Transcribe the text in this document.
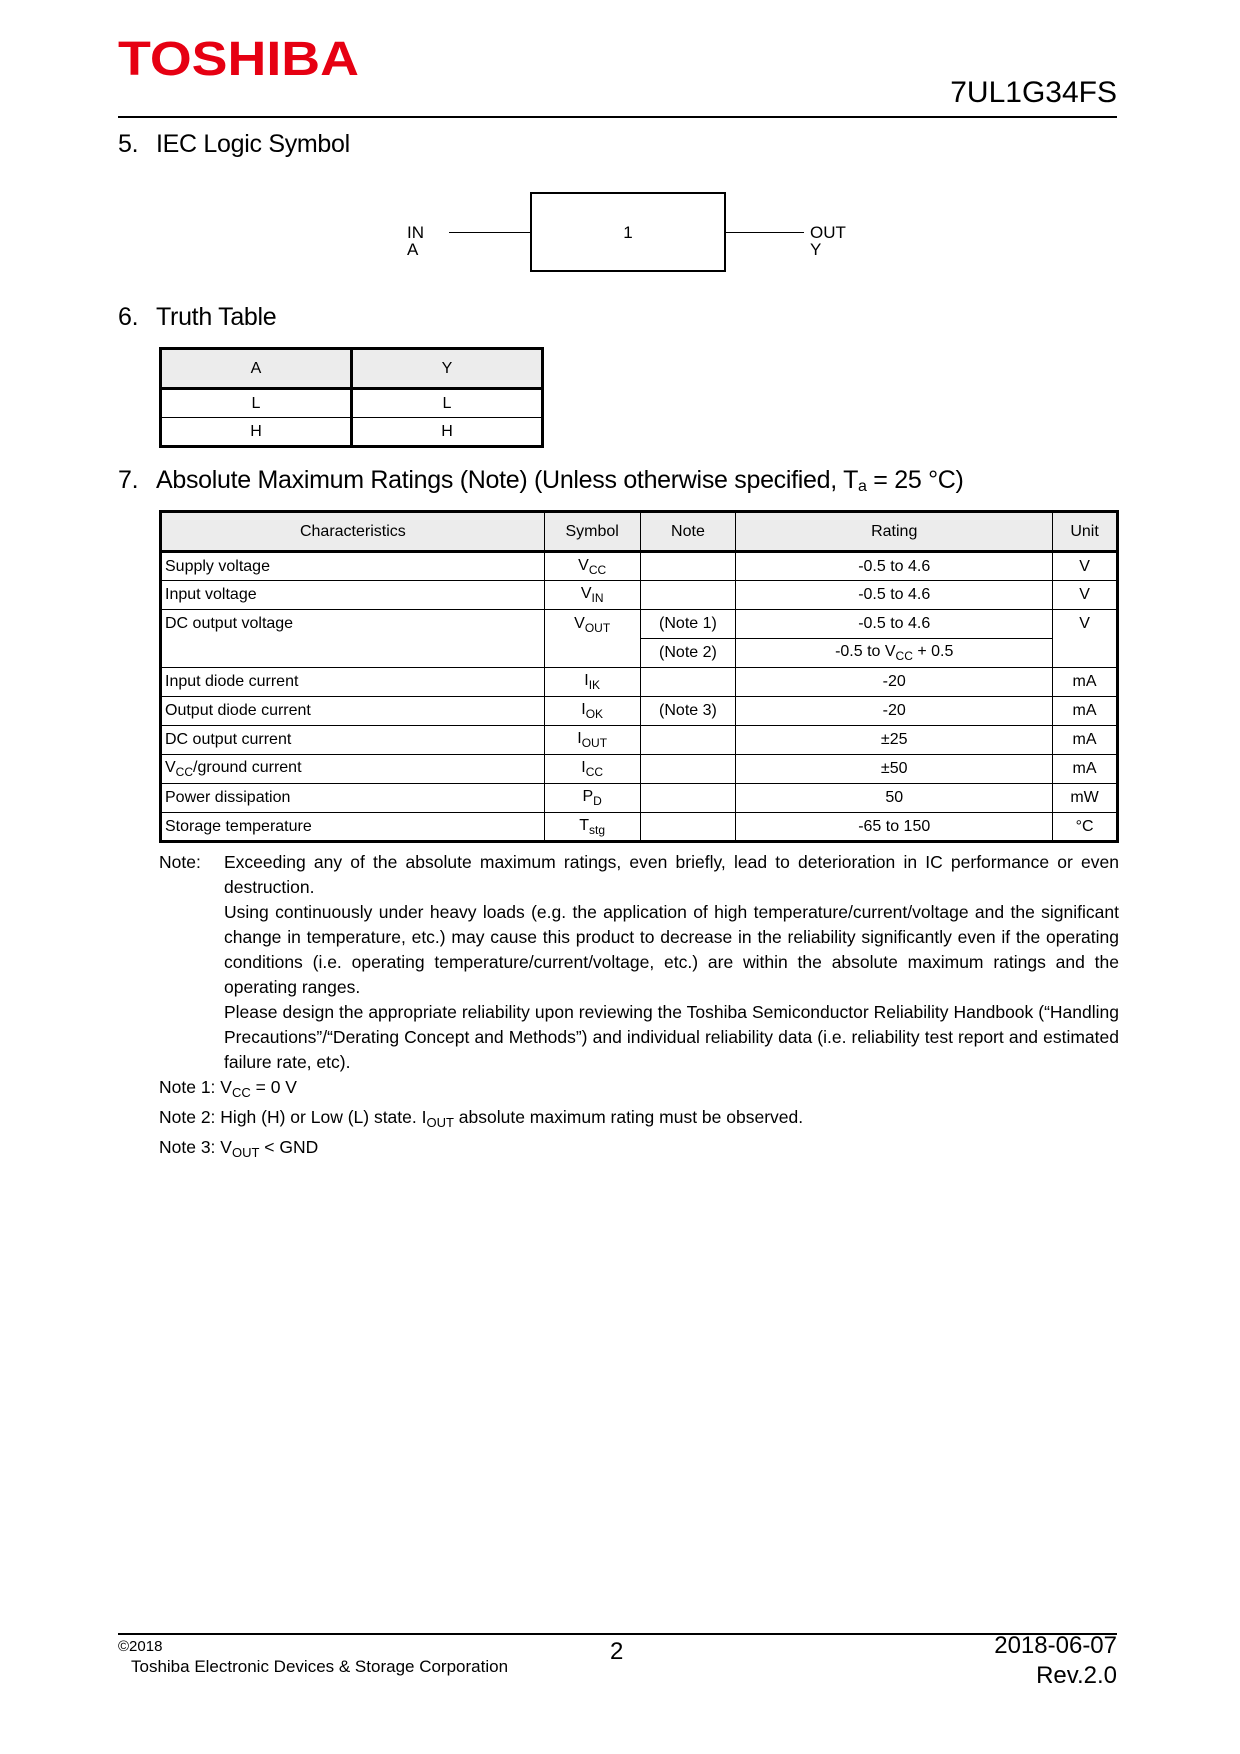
TOSHIBA
7UL1G34FS
5. IEC Logic Symbol
IN A
1	OUT Y
6. Truth Table
A	Y
L	L
H	H
7. Absolute Maximum Ratings (Note) (Unless otherwise specified, Ta = 25 °C)
Characteristics	Symbol	Note	Rating	Unit
Supply voltage	$V_{CC}$		-0.5 to 4.6	V
Input voltage	$V_{IN}$		-0.5 to 4.6	V
DC output voltage	$V_{OUT}$	(Note 1)	-0.5 to 4.6	V
		(Note 2)	-0.5 to $V_{CC} + 0.5$	
Input diode current	$I_{IK}$		-20	mA
Output diode current	$I_{OK}$	(Note 3)	-20	mA
DC output current	$I_{OUT}$		±25	mA
$V_{CC}$/ground current	$I_{CC}$		±50	mA
Power dissipation	$P_D$		50	mW
Storage temperature	$T_{stg}$		-65 to 150	°C
Note:	Exceeding any of the absolute maximum ratings, even briefly, lead to deterioration in IC performance or even destruction.

Using continuously under heavy loads (e.g. the application of high temperature/current/voltage and the significant change in temperature, etc.) may cause this product to decrease in the reliability significantly even if the operating conditions (i.e. operating temperature/current/voltage, etc.) are within the absolute maximum ratings and the operating ranges.

Please design the appropriate reliability upon reviewing the Toshiba Semiconductor Reliability Handbook (“Handling Precautions”/“Derating Concept and Methods”) and individual reliability data (i.e. reliability test report and estimated failure rate, etc).

Note 1: $V_{CC} = 0$ V
Note 2: High (H) or Low (L) state. $I_{OUT}$ absolute maximum rating must be observed.
Note 3: $V_{OUT}$ < GND
©2018
Toshiba Electronic Devices & Storage Corporation
2	2018-06-07
Rev.2.0
